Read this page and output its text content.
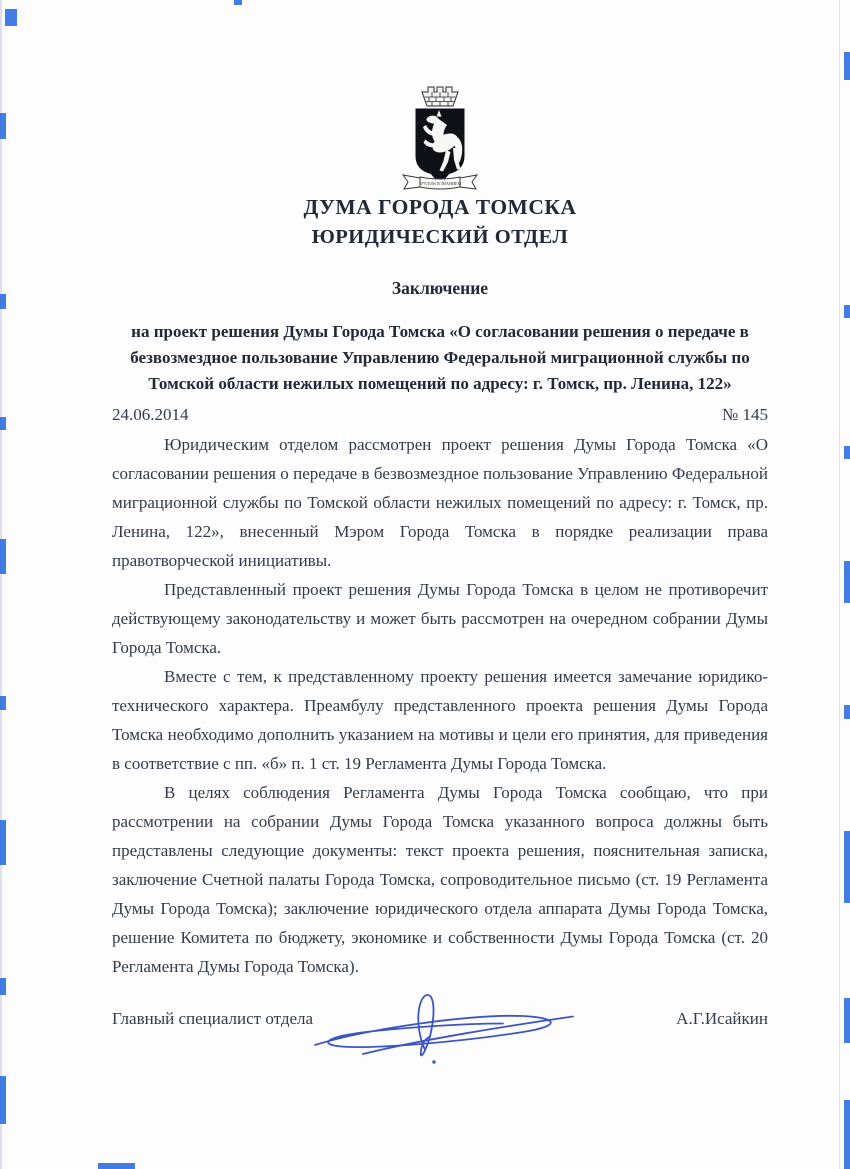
ТРУДОМ И ЗНАНИЕМ
ДУМА ГОРОДА ТОМСКА
ЮРИДИЧЕСКИЙ ОТДЕЛ
Заключение
на проект решения Думы Города Томска «О согласовании решения о передаче в безвозмездное пользование Управлению Федеральной миграционной службы по Томской области нежилых помещений по адресу: г. Томск, пр. Ленина, 122»
24.06.2014	№ 145

Юридическим отделом рассмотрен проект решения Думы Города Томска «О согласовании решения о передаче в безвозмездное пользование Управлению Федеральной миграционной службы по Томской области нежилых помещений по адресу: г. Томск, пр. Ленина, 122», внесенный Мэром Города Томска в порядке реализации права правотворческой инициативы.

Представленный проект решения Думы Города Томска в целом не противоречит действующему законодательству и может быть рассмотрен на очередном собрании Думы Города Томска.

Вместе с тем, к представленному проекту решения имеется замечание юридико-технического характера. Преамбулу представленного проекта решения Думы Города Томска необходимо дополнить указанием на мотивы и цели его принятия, для приведения в соответствие с пп. «б» п. 1 ст. 19 Регламента Думы Города Томска.

В целях соблюдения Регламента Думы Города Томска сообщаю, что при рассмотрении на собрании Думы Города Томска указанного вопроса должны быть представлены следующие документы: текст проекта решения, пояснительная записка, заключение Счетной палаты Города Томска, сопроводительное письмо (ст. 19 Регламента Думы Города Томска); заключение юридического отдела аппарата Думы Города Томска, решение Комитета по бюджету, экономике и собственности Думы Города Томска (ст. 20 Регламента Думы Города Томска).

Главный специалист отдела	А.Г.Исайкин
